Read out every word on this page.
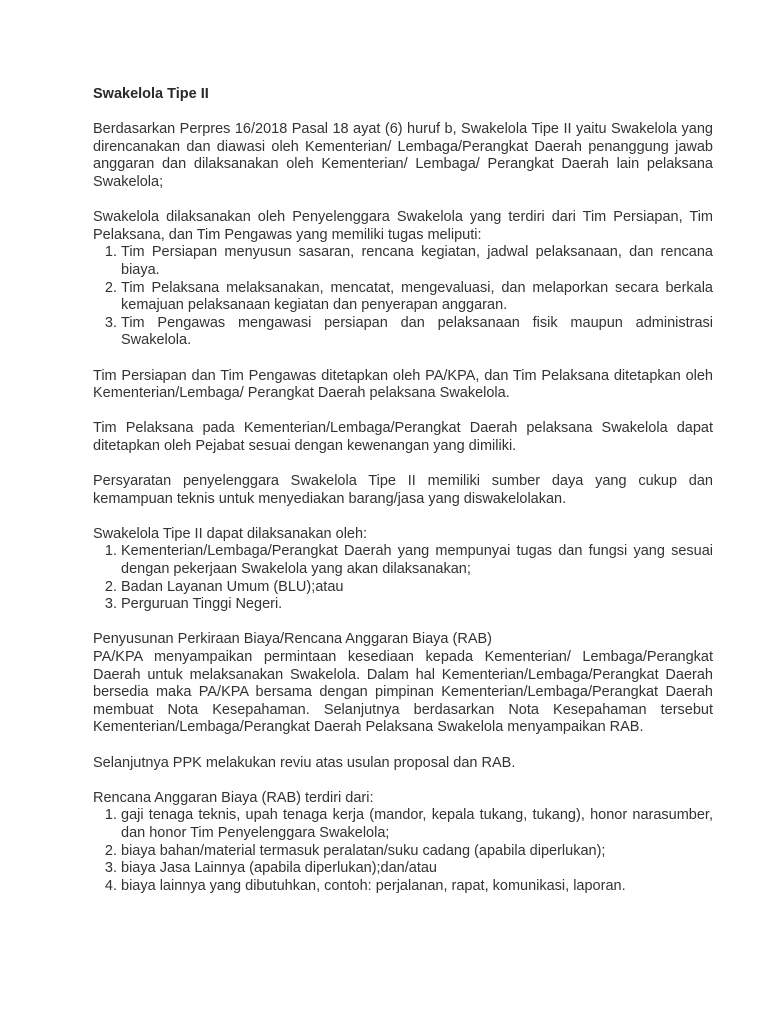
Swakelola Tipe II

Berdasarkan Perpres 16/2018 Pasal 18 ayat (6) huruf b, Swakelola Tipe II yaitu Swakelola yang direncanakan dan diawasi oleh Kementerian/ Lembaga/Perangkat Daerah penanggung jawab anggaran dan dilaksanakan oleh Kementerian/ Lembaga/ Perangkat Daerah lain pelaksana Swakelola;

Swakelola dilaksanakan oleh Penyelenggara Swakelola yang terdiri dari Tim Persiapan, Tim Pelaksana, dan Tim Pengawas yang memiliki tugas meliputi:

1. Tim Persiapan menyusun sasaran, rencana kegiatan, jadwal pelaksanaan, dan rencana biaya.
2. Tim Pelaksana melaksanakan, mencatat, mengevaluasi, dan melaporkan secara berkala kemajuan pelaksanaan kegiatan dan penyerapan anggaran.
3. Tim Pengawas mengawasi persiapan dan pelaksanaan fisik maupun administrasi Swakelola.

Tim Persiapan dan Tim Pengawas ditetapkan oleh PA/KPA, dan Tim Pelaksana ditetapkan oleh Kementerian/Lembaga/ Perangkat Daerah pelaksana Swakelola.

Tim Pelaksana pada Kementerian/Lembaga/Perangkat Daerah pelaksana Swakelola dapat ditetapkan oleh Pejabat sesuai dengan kewenangan yang dimiliki.

Persyaratan penyelenggara Swakelola Tipe II memiliki sumber daya yang cukup dan kemampuan teknis untuk menyediakan barang/jasa yang diswakelolakan.

Swakelola Tipe II dapat dilaksanakan oleh:

1. Kementerian/Lembaga/Perangkat Daerah yang mempunyai tugas dan fungsi yang sesuai dengan pekerjaan Swakelola yang akan dilaksanakan;
2. Badan Layanan Umum (BLU);atau
3. Perguruan Tinggi Negeri.

Penyusunan Perkiraan Biaya/Rencana Anggaran Biaya (RAB)

PA/KPA menyampaikan permintaan kesediaan kepada Kementerian/ Lembaga/Perangkat Daerah untuk melaksanakan Swakelola. Dalam hal Kementerian/Lembaga/Perangkat Daerah bersedia maka PA/KPA bersama dengan pimpinan Kementerian/Lembaga/Perangkat Daerah membuat Nota Kesepahaman. Selanjutnya berdasarkan Nota Kesepahaman tersebut Kementerian/Lembaga/Perangkat Daerah Pelaksana Swakelola menyampaikan RAB.

Selanjutnya PPK melakukan reviu atas usulan proposal dan RAB.

Rencana Anggaran Biaya (RAB) terdiri dari:

1. gaji tenaga teknis, upah tenaga kerja (mandor, kepala tukang, tukang), honor narasumber, dan honor Tim Penyelenggara Swakelola;
2. biaya bahan/material termasuk peralatan/suku cadang (apabila diperlukan);
3. biaya Jasa Lainnya (apabila diperlukan);dan/atau
4. biaya lainnya yang dibutuhkan, contoh: perjalanan, rapat, komunikasi, laporan.
